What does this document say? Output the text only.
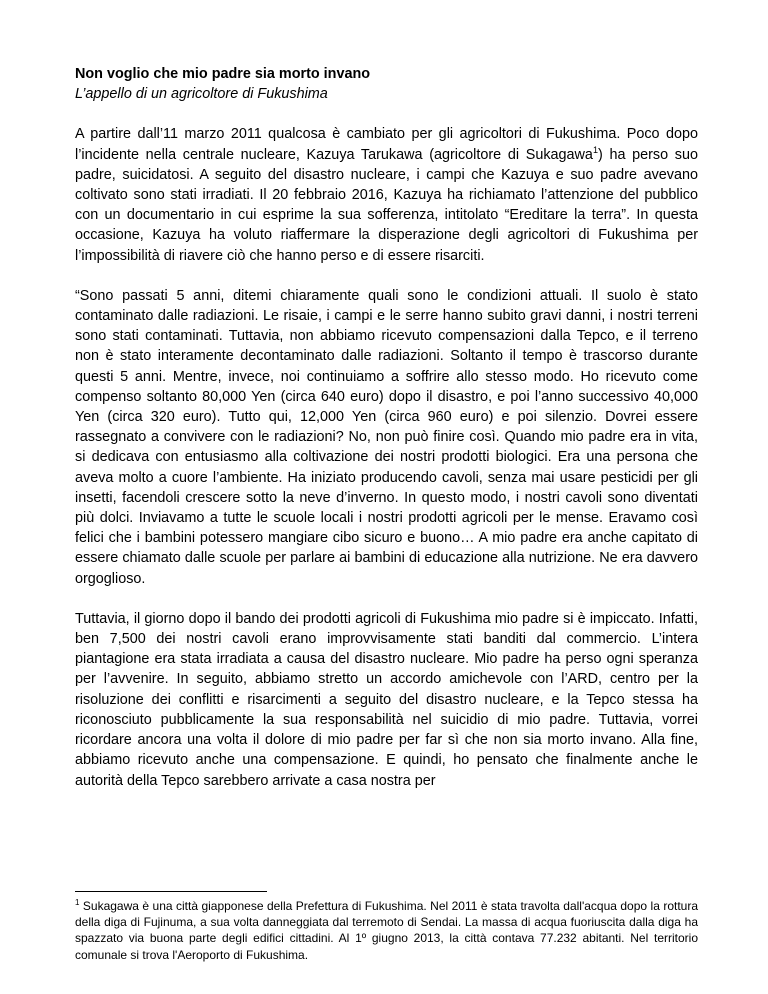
Non voglio che mio padre sia morto invano

L’appello di un agricoltore di Fukushima

A partire dall’11 marzo 2011 qualcosa è cambiato per gli agricoltori di Fukushima. Poco dopo l’incidente nella centrale nucleare, Kazuya Tarukawa (agricoltore di Sukagawa$^1$) ha perso suo padre, suicidatosi. A seguito del disastro nucleare, i campi che Kazuya e suo padre avevano coltivato sono stati irradiati. Il 20 febbraio 2016, Kazuya ha richiamato l’attenzione del pubblico con un documentario in cui esprime la sua sofferenza, intitolato “Ereditare la terra”. In questa occasione, Kazuya ha voluto riaffermare la disperazione degli agricoltori di Fukushima per l’impossibilità di riavere ciò che hanno perso e di essere risarciti.

“Sono passati 5 anni, ditemi chiaramente quali sono le condizioni attuali. Il suolo è stato contaminato dalle radiazioni. Le risaie, i campi e le serre hanno subito gravi danni, i nostri terreni sono stati contaminati. Tuttavia, non abbiamo ricevuto compensazioni dalla Tepco, e il terreno non è stato interamente decontaminato dalle radiazioni. Soltanto il tempo è trascorso durante questi 5 anni. Mentre, invece, noi continuiamo a soffrire allo stesso modo. Ho ricevuto come compenso soltanto 80,000 Yen (circa 640 euro) dopo il disastro, e poi l’anno successivo 40,000 Yen (circa 320 euro). Tutto qui, 12,000 Yen (circa 960 euro) e poi silenzio. Dovrei essere rassegnato a convivere con le radiazioni? No, non può finire così. Quando mio padre era in vita, si dedicava con entusiasmo alla coltivazione dei nostri prodotti biologici. Era una persona che aveva molto a cuore l’ambiente. Ha iniziato producendo cavoli, senza mai usare pesticidi per gli insetti, facendoli crescere sotto la neve d’inverno. In questo modo, i nostri cavoli sono diventati più dolci. Inviavamo a tutte le scuole locali i nostri prodotti agricoli per le mense. Eravamo così felici che i bambini potessero mangiare cibo sicuro e buono… A mio padre era anche capitato di essere chiamato dalle scuole per parlare ai bambini di educazione alla nutrizione. Ne era davvero orgoglioso.

Tuttavia, il giorno dopo il bando dei prodotti agricoli di Fukushima mio padre si è impiccato. Infatti, ben 7,500 dei nostri cavoli erano improvvisamente stati banditi dal commercio. L’intera piantagione era stata irradiata a causa del disastro nucleare. Mio padre ha perso ogni speranza per l’avvenire. In seguito, abbiamo stretto un accordo amichevole con l’ARD, centro per la risoluzione dei conflitti e risarcimenti a seguito del disastro nucleare, e la Tepco stessa ha riconosciuto pubblicamente la sua responsabilità nel suicidio di mio padre. Tuttavia, vorrei ricordare ancora una volta il dolore di mio padre per far sì che non sia morto invano. Alla fine, abbiamo ricevuto anche una compensazione. E quindi, ho pensato che finalmente anche le autorità della Tepco sarebbero arrivate a casa nostra per

$^1$ Sukagawa è una città giapponese della Prefettura di Fukushima. Nel 2011 è stata travolta dall'acqua dopo la rottura della diga di Fujinuma, a sua volta danneggiata dal terremoto di Sendai. La massa di acqua fuoriuscita dalla diga ha spazzato via buona parte degli edifici cittadini. Al 1º giugno 2013, la città contava 77.232 abitanti. Nel territorio comunale si trova l'Aeroporto di Fukushima.
